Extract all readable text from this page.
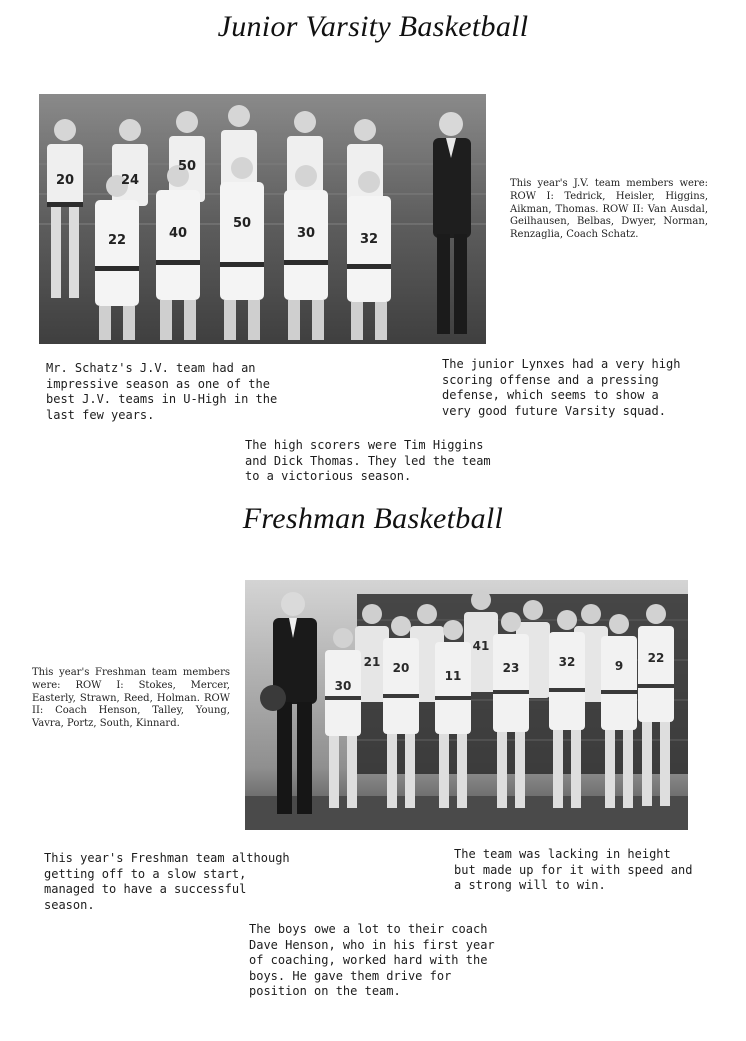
Junior Varsity Basketball
20	24
50
22	40
50
30	32
This year's J.V. team members were: ROW I: Tedrick, Heisler, Higgins, Aikman, Thomas. ROW II: Van Ausdal, Geilhausen, Belbas, Dwyer, Norman, Renzaglia, Coach Schatz.
Mr. Schatz's J.V. team had an impressive season as one of the best J.V. teams in U-High in the last few years.
The junior Lynxes had a very high scoring offense and a pressing defense, which seems to show a very good future Varsity squad.
The high scorers were Tim Higgins and Dick Thomas. They led the team to a victorious season.
Freshman Basketball
21
41
30
20
11
23	32	9
22
This year's Freshman team members were: ROW I: Stokes, Mercer, Easterly, Strawn, Reed, Holman. ROW II: Coach Henson, Talley, Young, Vavra, Portz, South, Kinnard.
This year's Freshman team although getting off to a slow start, managed to have a successful season.
The team was lacking in height but made up for it with speed and a strong will to win.
The boys owe a lot to their coach Dave Henson, who in his first year of coaching, worked hard with the boys. He gave them drive for position on the team.
